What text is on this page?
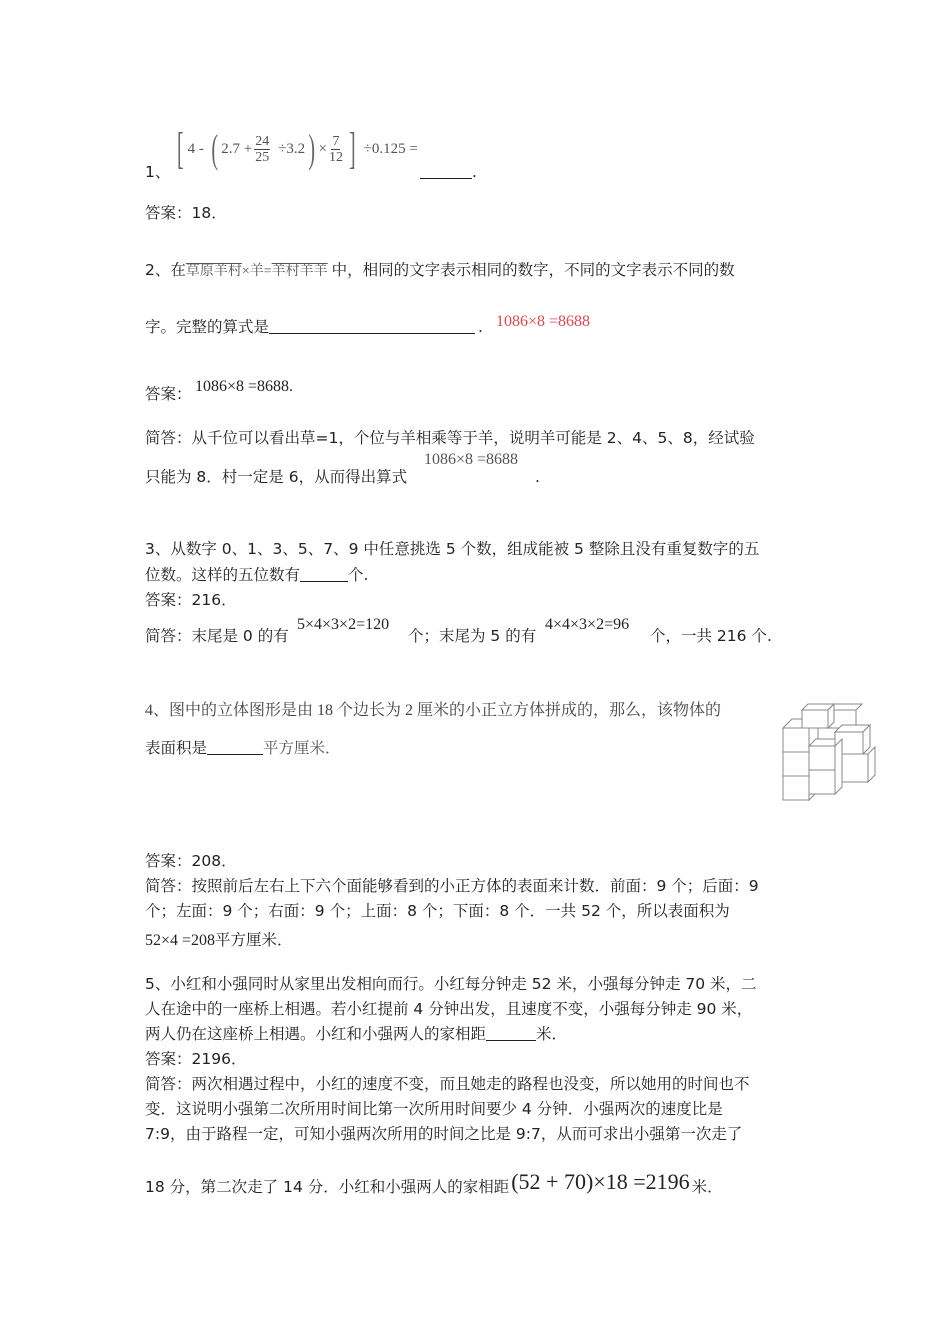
[ 4 - ( $2.7 + \frac{24}{25} \div 3.2$ ) × $\frac{7}{12}$ ] ÷0.125 =
1、	.
答案：18．
2、在草原羊村×羊=羊村羊羊 中，相同的文字表示相同的数字，不同的文字表示不同的数
字。完整的算式是	. 1086×8 =8688
答案： 1086×8 =8688.
简答：从千位可以看出草=1，个位与羊相乘等于羊，说明羊可能是 2、4、5、8，经试验
只能为 8．村一定是 6，从而得出算式
1086×8 =8688
.
3、从数字 0、1、3、5、7、9 中任意挑选 5 个数，组成能被 5 整除且没有重复数字的五
位数。这样的五位数有	个.
答案：216．
简答：末尾是 0 的有
5×4×3×2=120
个；末尾为 5 的有
4×4×3×2=96
个，一共 216 个.
4、图中的立体图形是由 18 个边长为 2 厘米的小正立方体拼成的，那么，该物体的
表面积是	平方厘米．
答案：208．
简答：按照前后左右上下六个面能够看到的小正方体的表面来计数．前面：9 个；后面：9
个；左面：9 个；右面：9 个；上面：8 个；下面：8 个．一共 52 个，所以表面积为
52×4 =208平方厘米．
5、小红和小强同时从家里出发相向而行。小红每分钟走 52 米，小强每分钟走 70 米，二
人在途中的一座桥上相遇。若小红提前 4 分钟出发，且速度不变，小强每分钟走 90 米，
两人仍在这座桥上相遇。小红和小强两人的家相距	米．
答案：2196．
简答：两次相遇过程中，小红的速度不变，而且她走的路程也没变，所以她用的时间也不
变．这说明小强第二次所用时间比第一次所用时间要少 4 分钟．小强两次的速度比是
7:9，由于路程一定，可知小强两次所用的时间之比是 9:7，从而可求出小强第一次走了
18 分，第二次走了 14 分．小红和小强两人的家相距(52 + 70)×18 =2196 米．
